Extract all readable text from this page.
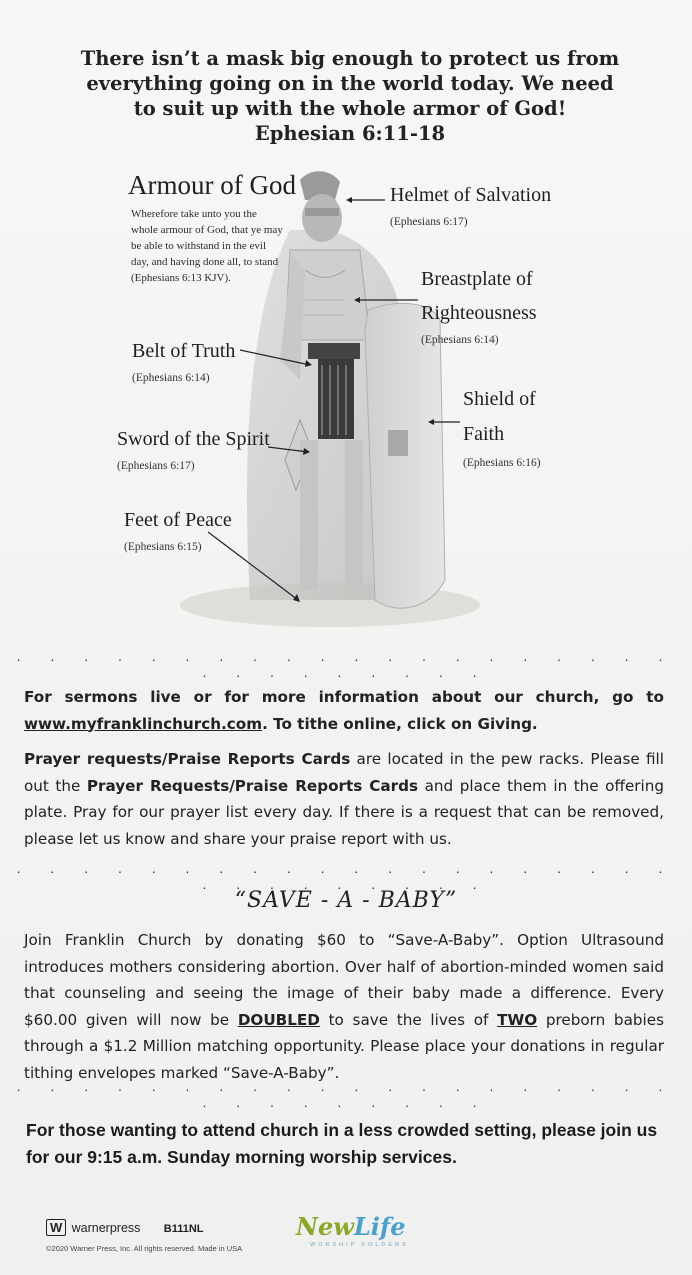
There isn’t a mask big enough to protect us from
everything going on in the world today. We need
to suit up with the whole armor of God!
Ephesian 6:11-18
Armour of God
Wherefore take unto you the
whole armour of God, that ye may
be able to withstand in the evil
day, and having done all, to stand
(Ephesians 6:13 KJV).
Helmet of Salvation
(Ephesians 6:17)
Breastplate of
Righteousness
(Ephesians 6:14)
Belt of Truth
(Ephesians 6:14)
Shield of
Faith
(Ephesians 6:16)
Sword of the Spirit
(Ephesians 6:17)
Feet of Peace
(Ephesians 6:15)
. . . . . . . . . . . . . . . . . . . . . . . . . . . . .
For sermons live or for more information about our church, go to www.myfranklinchurch.com. To tithe online, click on Giving.
Prayer requests/Praise Reports Cards are located in the pew racks. Please fill out the Prayer Requests/Praise Reports Cards and place them in the offering plate. Pray for our prayer list every day. If there is a request that can be removed, please let us know and share your praise report with us.
. . . . . . . . . . . . . . . . . . . . . . . . . . . . .
“SAVE - A - BABY”
Join Franklin Church by donating $60 to “Save-A-Baby”. Option Ultrasound introduces mothers considering abortion. Over half of abortion-minded women said that counseling and seeing the image of their baby made a difference. Every $60.00 given will now be DOUBLED to save the lives of TWO preborn babies through a $1.2 Million matching opportunity. Please place your donations in regular tithing envelopes marked “Save-A-Baby”.
. . . . . . . . . . . . . . . . . . . . . . . . . . . . .
For those wanting to attend church in a less crowded setting, please join us for our 9:15 a.m. Sunday morning worship services.
W warnerpress B111NL
©2020 Warner Press, Inc. All rights reserved. Made in USA
NewLife
WORSHIP FOLDERS
